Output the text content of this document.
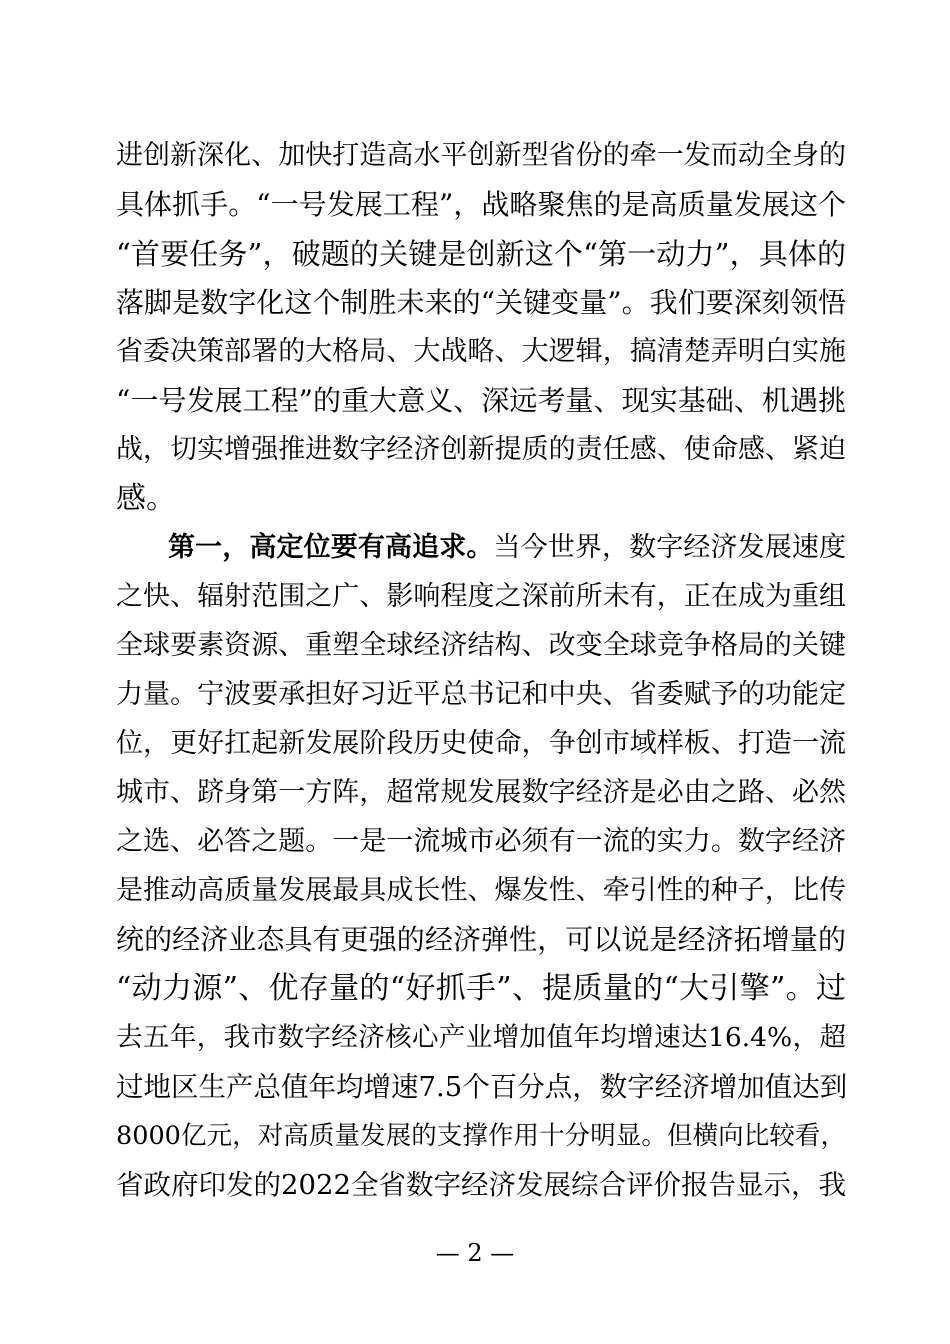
进创新深化、加快打造高水平创新型省份的牵一发而动全身的
具体抓手。“一号发展工程”，战略聚焦的是高质量发展这个
“首要任务”，破题的关键是创新这个“第一动力”，具体的
落脚是数字化这个制胜未来的“关键变量”。我们要深刻领悟
省委决策部署的大格局、大战略、大逻辑，搞清楚弄明白实施
“一号发展工程”的重大意义、深远考量、现实基础、机遇挑
战，切实增强推进数字经济创新提质的责任感、使命感、紧迫
感。
第一，高定位要有高追求。当今世界，数字经济发展速度
之快、辐射范围之广、影响程度之深前所未有，正在成为重组
全球要素资源、重塑全球经济结构、改变全球竞争格局的关键
力量。宁波要承担好习近平总书记和中央、省委赋予的功能定
位，更好扛起新发展阶段历史使命，争创市域样板、打造一流
城市、跻身第一方阵，超常规发展数字经济是必由之路、必然
之选、必答之题。一是一流城市必须有一流的实力。数字经济
是推动高质量发展最具成长性、爆发性、牵引性的种子，比传
统的经济业态具有更强的经济弹性，可以说是经济拓增量的
“动力源”、优存量的“好抓手”、提质量的“大引擎”。过
去五年，我市数字经济核心产业增加值年均增速达16.4%，超
过地区生产总值年均增速7.5个百分点，数字经济增加值达到
8000亿元，对高质量发展的支撑作用十分明显。但横向比较看，
省政府印发的2022全省数字经济发展综合评价报告显示，我
— 2 —
